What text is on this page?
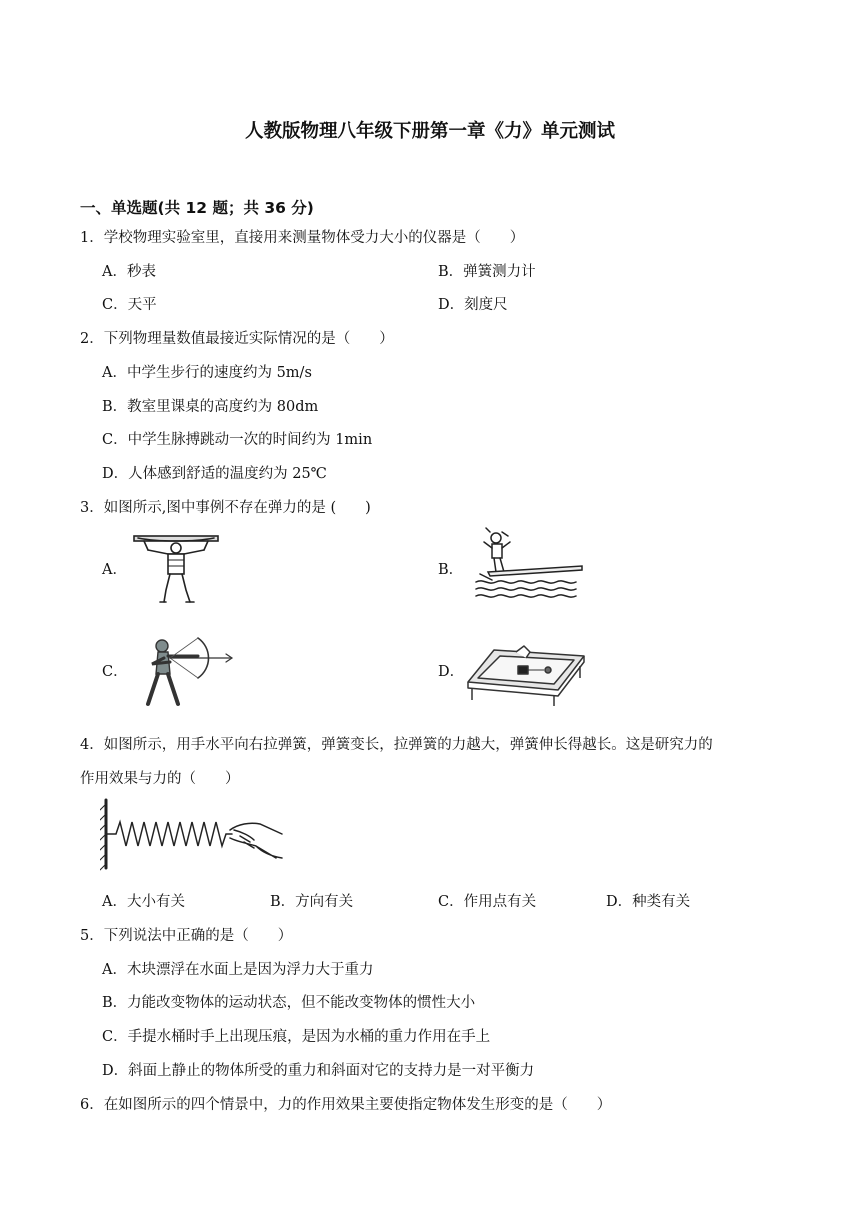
人教版物理八年级下册第一章《力》单元测试
一、单选题(共 12 题；共 36 分)
1．学校物理实验室里，直接用来测量物体受力大小的仪器是（　　）
A．秒表	B．弹簧测力计
C．天平	D．刻度尺
2．下列物理量数值最接近实际情况的是（　　）
A．中学生步行的速度约为 5m/s
B．教室里课桌的高度约为 80dm
C．中学生脉搏跳动一次的时间约为 1min
D．人体感到舒适的温度约为 25℃
3．如图所示,图中事例不存在弹力的是 (　　)
A．	B．
C．	D．
4．如图所示，用手水平向右拉弹簧，弹簧变长，拉弹簧的力越大，弹簧伸长得越长。这是研究力的
作用效果与力的（　　）
A．大小有关	B．方向有关	C．作用点有关	D．种类有关
5．下列说法中正确的是（　　）
A．木块漂浮在水面上是因为浮力大于重力
B．力能改变物体的运动状态，但不能改变物体的惯性大小
C．手提水桶时手上出现压痕，是因为水桶的重力作用在手上
D．斜面上静止的物体所受的重力和斜面对它的支持力是一对平衡力
6．在如图所示的四个情景中，力的作用效果主要使指定物体发生形变的是（　　）
